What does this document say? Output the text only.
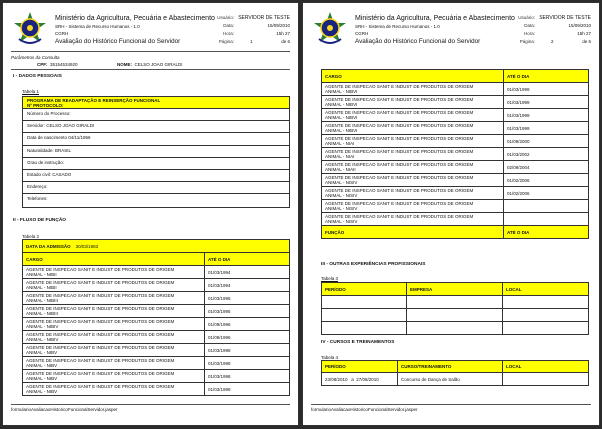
Ministério da Agricultura, Pecuária e Abastecimento
SRH - Sistema de Recurso Humanos - 1.0
CGRH
Avaliação do Histórico Funcional do Servidor
Usuário: SERVIDOR DE TESTE
Data:	15/09/2010
Hora:	15h 27
Página:	1	de 6
Parâmetros da Consulta
CPF: 35154534920	NOME: CELSO JOAO GIRALDI
I - DADOS PESSOAIS
Tabela 1
PROGRAMA DE READAPTAÇÃO E REINSERÇÃO FUNCIONAL
Nº PROTOCOLO:
Número do Processo:
Servidor: CELSO JOAO GIRALDI
Data de nascimento 04/11/1956
Naturalidade: BRASIL
Grau de instrução:
Estado civil: CASADO
Endereço:
Telefones:
II - FLUXO DE FUNÇÃO
Tabela 2
DATA DA ADMISSÃO 30/03/1983	
CARGO	ATÉ O DIA

AGENTE DE INSPECAO SANIT E INDUST DE PRODUTOS DE ORIGEM
ANIMAL - NIBII	01/03/1994

AGENTE DE INSPECAO SANIT E INDUST DE PRODUTOS DE ORIGEM
ANIMAL - NIBII	01/03/1994

AGENTE DE INSPECAO SANIT E INDUST DE PRODUTOS DE ORIGEM
ANIMAL - NIBIII	01/03/1995

AGENTE DE INSPECAO SANIT E INDUST DE PRODUTOS DE ORIGEM
ANIMAL - NIBIII	01/03/1995

AGENTE DE INSPECAO SANIT E INDUST DE PRODUTOS DE ORIGEM
ANIMAL - NIBIV	01/09/1996

AGENTE DE INSPECAO SANIT E INDUST DE PRODUTOS DE ORIGEM
ANIMAL - NIBIV	01/09/1996

AGENTE DE INSPECAO SANIT E INDUST DE PRODUTOS DE ORIGEM
ANIMAL - NIBV	01/03/1998

AGENTE DE INSPECAO SANIT E INDUST DE PRODUTOS DE ORIGEM
ANIMAL - NIBV	01/03/1998

AGENTE DE INSPECAO SANIT E INDUST DE PRODUTOS DE ORIGEM
ANIMAL - NIBV	01/03/1998

AGENTE DE INSPECAO SANIT E INDUST DE PRODUTOS DE ORIGEM
ANIMAL - NIBV	01/03/1998
formularioAvaliacaoHistoricoFuncionalServidor.jasper
Ministério da Agricultura, Pecuária e Abastecimento
SRH - Sistema de Recurso Humanos - 1.0
CGRH
Avaliação do Histórico Funcional do Servidor
Usuário: SERVIDOR DE TESTE
Data:	15/09/2010
Hora:	15h 27
Página:	2	de 6
CARGO	ATÉ O DIA

AGENTE DE INSPECAO SANIT E INDUST DE PRODUTOS DE ORIGEM
ANIMAL - NIBVI	01/03/1999

AGENTE DE INSPECAO SANIT E INDUST DE PRODUTOS DE ORIGEM
ANIMAL - NIBVI	01/03/1999

AGENTE DE INSPECAO SANIT E INDUST DE PRODUTOS DE ORIGEM
ANIMAL - NIBVI	01/03/1999

AGENTE DE INSPECAO SANIT E INDUST DE PRODUTOS DE ORIGEM
ANIMAL - NIBVI	01/03/1999

AGENTE DE INSPECAO SANIT E INDUST DE PRODUTOS DE ORIGEM
ANIMAL - NIAI	01/09/2000

AGENTE DE INSPECAO SANIT E INDUST DE PRODUTOS DE ORIGEM
ANIMAL - NIAI	01/03/2002

AGENTE DE INSPECAO SANIT E INDUST DE PRODUTOS DE ORIGEM
ANIMAL - NIAII	02/09/2004

AGENTE DE INSPECAO SANIT E INDUST DE PRODUTOS DE ORIGEM
ANIMAL - NISIV	01/02/2006

AGENTE DE INSPECAO SANIT E INDUST DE PRODUTOS DE ORIGEM
ANIMAL - NISIV	01/02/2006

AGENTE DE INSPECAO SANIT E INDUST DE PRODUTOS DE ORIGEM
ANIMAL - NISIV	

AGENTE DE INSPECAO SANIT E INDUST DE PRODUTOS DE ORIGEM
ANIMAL - NISIV	

FUNÇÃO	ATÉ O DIA
III - OUTRAS EXPERIÊNCIAS PROFISSIONAIS
Tabela 3
PERÍODO	EMPRESA	LOCAL

IV - CURSOS E TREINAMENTOS
Tabela 4
PERÍODO	CURSO/TREINAMENTO	LOCAL
23/08/2010   a  27/08/2010	Concurso de Dança de Salão	
formularioAvaliacaoHistoricoFuncionalServidor.jasper
